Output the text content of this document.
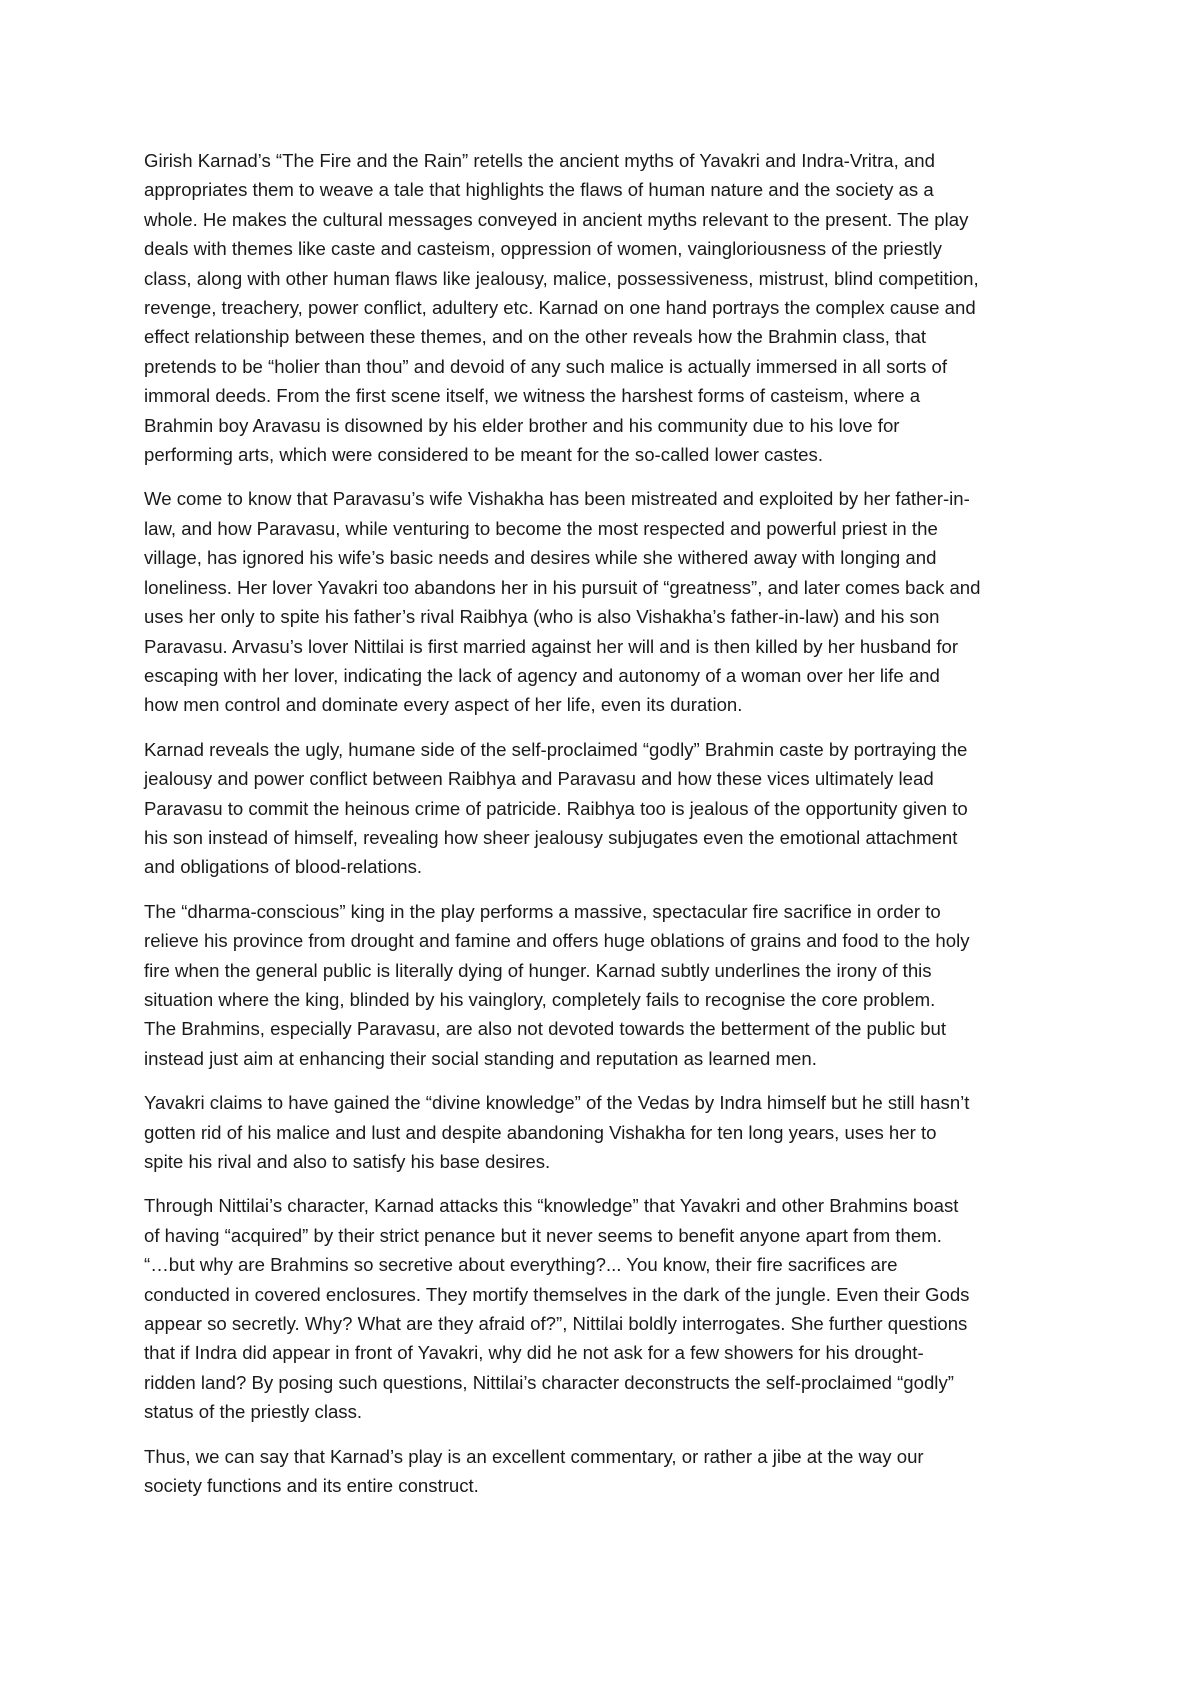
Girish Karnad’s “The Fire and the Rain” retells the ancient myths of Yavakri and Indra-Vritra, and
appropriates them to weave a tale that highlights the flaws of human nature and the society as a
whole. He makes the cultural messages conveyed in ancient myths relevant to the present. The play
deals with themes like caste and casteism, oppression of women, vaingloriousness of the priestly
class, along with other human flaws like jealousy, malice, possessiveness, mistrust, blind competition,
revenge, treachery, power conflict, adultery etc. Karnad on one hand portrays the complex cause and
effect relationship between these themes, and on the other reveals how the Brahmin class, that
pretends to be “holier than thou” and devoid of any such malice is actually immersed in all sorts of
immoral deeds. From the first scene itself, we witness the harshest forms of casteism, where a
Brahmin boy Aravasu is disowned by his elder brother and his community due to his love for
performing arts, which were considered to be meant for the so-called lower castes.

We come to know that Paravasu’s wife Vishakha has been mistreated and exploited by her father-in-
law, and how Paravasu, while venturing to become the most respected and powerful priest in the
village, has ignored his wife’s basic needs and desires while she withered away with longing and
loneliness. Her lover Yavakri too abandons her in his pursuit of “greatness”, and later comes back and
uses her only to spite his father’s rival Raibhya (who is also Vishakha’s father-in-law) and his son
Paravasu. Arvasu’s lover Nittilai is first married against her will and is then killed by her husband for
escaping with her lover, indicating the lack of agency and autonomy of a woman over her life and
how men control and dominate every aspect of her life, even its duration.

Karnad reveals the ugly, humane side of the self-proclaimed “godly” Brahmin caste by portraying the
jealousy and power conflict between Raibhya and Paravasu and how these vices ultimately lead
Paravasu to commit the heinous crime of patricide. Raibhya too is jealous of the opportunity given to
his son instead of himself, revealing how sheer jealousy subjugates even the emotional attachment
and obligations of blood-relations.

The “dharma-conscious” king in the play performs a massive, spectacular fire sacrifice in order to
relieve his province from drought and famine and offers huge oblations of grains and food to the holy
fire when the general public is literally dying of hunger. Karnad subtly underlines the irony of this
situation where the king, blinded by his vainglory, completely fails to recognise the core problem.
The Brahmins, especially Paravasu, are also not devoted towards the betterment of the public but
instead just aim at enhancing their social standing and reputation as learned men.

Yavakri claims to have gained the “divine knowledge” of the Vedas by Indra himself but he still hasn’t
gotten rid of his malice and lust and despite abandoning Vishakha for ten long years, uses her to
spite his rival and also to satisfy his base desires.

Through Nittilai’s character, Karnad attacks this “knowledge” that Yavakri and other Brahmins boast
of having “acquired” by their strict penance but it never seems to benefit anyone apart from them.
“…but why are Brahmins so secretive about everything?... You know, their fire sacrifices are
conducted in covered enclosures. They mortify themselves in the dark of the jungle. Even their Gods
appear so secretly. Why? What are they afraid of?”, Nittilai boldly interrogates. She further questions
that if Indra did appear in front of Yavakri, why did he not ask for a few showers for his drought-
ridden land? By posing such questions, Nittilai’s character deconstructs the self-proclaimed “godly”
status of the priestly class.

Thus, we can say that Karnad’s play is an excellent commentary, or rather a jibe at the way our
society functions and its entire construct.
